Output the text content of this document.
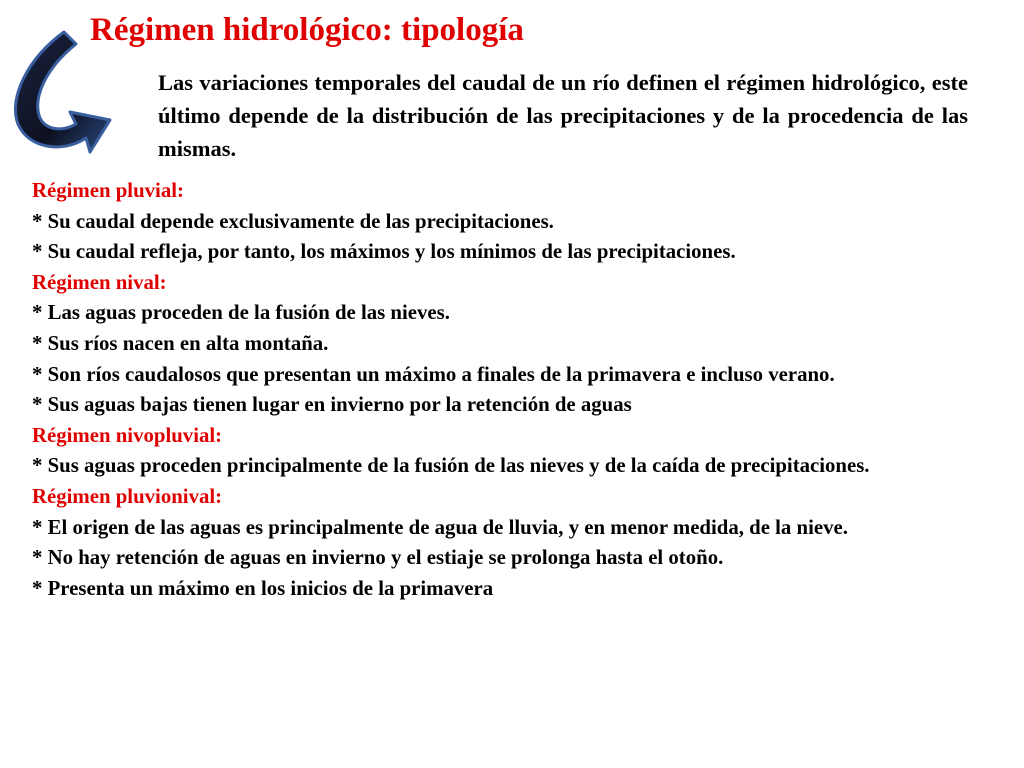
Régimen hidrológico: tipología

Las variaciones temporales del caudal de un río definen el régimen hidrológico, este último depende de la distribución de las precipitaciones y de la procedencia de las mismas.

Régimen pluvial:
* Su caudal depende exclusivamente de las precipitaciones.
* Su caudal refleja, por tanto, los máximos y los mínimos de las precipitaciones.
Régimen nival:
* Las aguas proceden de la fusión de las nieves.
* Sus ríos nacen en alta montaña.
* Son ríos caudalosos que presentan un máximo a finales de la primavera e incluso verano.
* Sus aguas bajas tienen lugar en invierno por la retención de aguas
Régimen nivopluvial:
* Sus aguas proceden principalmente de la fusión de las nieves y de la caída de precipitaciones.
Régimen pluvionival:
* El origen de las aguas es principalmente de agua de lluvia, y en menor medida, de la nieve.
* No hay retención de aguas en invierno y el estiaje se prolonga hasta el otoño.
* Presenta un máximo en los inicios de la primavera
